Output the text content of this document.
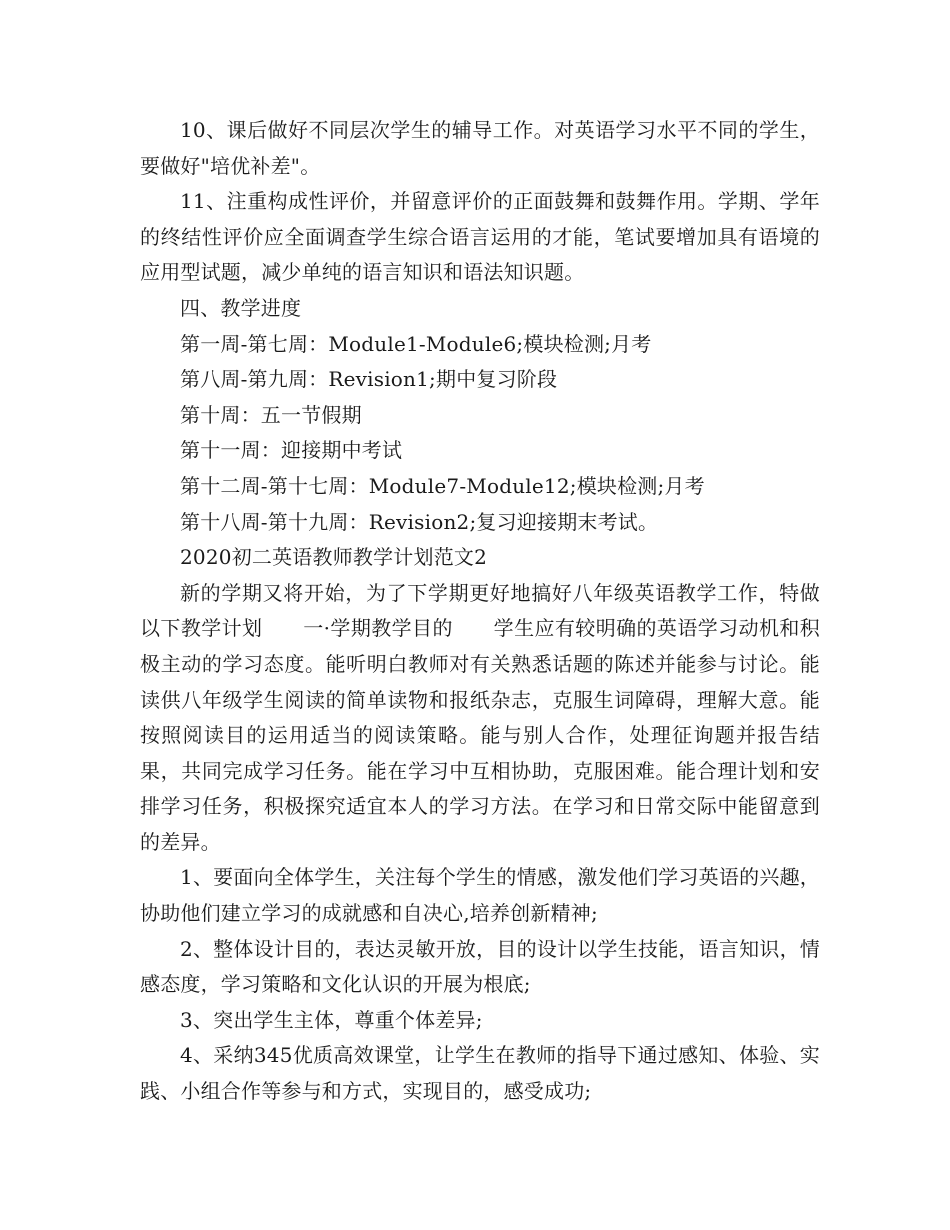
10、课后做好不同层次学生的辅导工作。对英语学习水平不同的学生，要做好"培优补差"。

11、注重构成性评价，并留意评价的正面鼓舞和鼓舞作用。学期、学年的终结性评价应全面调查学生综合语言运用的才能，笔试要增加具有语境的应用型试题，减少单纯的语言知识和语法知识题。

四、教学进度

第一周-第七周：Module1-Module6;模块检测;月考

第八周-第九周：Revision1;期中复习阶段

第十周：五一节假期

第十一周：迎接期中考试

第十二周-第十七周：Module7-Module12;模块检测;月考

第十八周-第十九周：Revision2;复习迎接期末考试。

2020初二英语教师教学计划范文2

新的学期又将开始，为了下学期更好地搞好八年级英语教学工作，特做以下教学计划　　一·学期教学目的　　学生应有较明确的英语学习动机和积极主动的学习态度。能听明白教师对有关熟悉话题的陈述并能参与讨论。能读供八年级学生阅读的简单读物和报纸杂志，克服生词障碍，理解大意。能按照阅读目的运用适当的阅读策略。能与别人合作，处理征询题并报告结果，共同完成学习任务。能在学习中互相协助，克服困难。能合理计划和安排学习任务，积极探究适宜本人的学习方法。在学习和日常交际中能留意到的差异。

1、要面向全体学生，关注每个学生的情感，激发他们学习英语的兴趣，协助他们建立学习的成就感和自决心,培养创新精神;

2、整体设计目的，表达灵敏开放，目的设计以学生技能，语言知识，情感态度，学习策略和文化认识的开展为根底;

3、突出学生主体，尊重个体差异;

4、采纳345优质高效课堂，让学生在教师的指导下通过感知、体验、实践、小组合作等参与和方式，实现目的，感受成功;
